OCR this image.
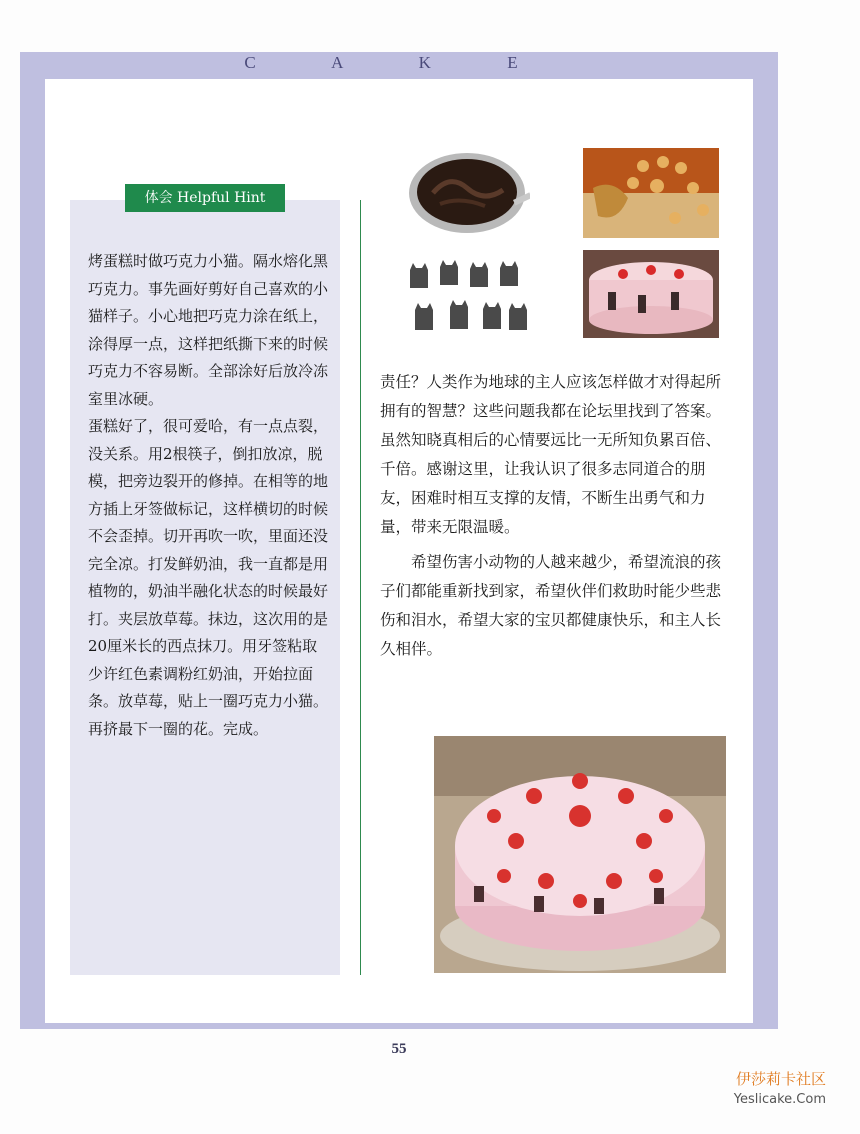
C A K E
体会 Helpful Hint
烤蛋糕时做巧克力小猫。隔水熔化黑巧克力。事先画好剪好自己喜欢的小猫样子。小心地把巧克力涂在纸上，涂得厚一点，这样把纸撕下来的时候巧克力不容易断。全部涂好后放冷冻室里冰硬。
蛋糕好了，很可爱哈，有一点点裂，没关系。用2根筷子，倒扣放凉，脱模，把旁边裂开的修掉。在相等的地方插上牙签做标记，这样横切的时候不会歪掉。切开再吹一吹，里面还没完全凉。打发鲜奶油，我一直都是用植物的，奶油半融化状态的时候最好打。夹层放草莓。抹边，这次用的是20厘米长的西点抹刀。用牙签粘取少许红色素调粉红奶油，开始拉面条。放草莓，贴上一圈巧克力小猫。再挤最下一圈的花。完成。

责任？人类作为地球的主人应该怎样做才对得起所拥有的智慧？这些问题我都在论坛里找到了答案。虽然知晓真相后的心情要远比一无所知负累百倍、千倍。感谢这里，让我认识了很多志同道合的朋友，困难时相互支撑的友情，不断生出勇气和力量，带来无限温暖。

希望伤害小动物的人越来越少，希望流浪的孩子们都能重新找到家，希望伙伴们救助时能少些悲伤和泪水，希望大家的宝贝都健康快乐，和主人长久相伴。

55
伊莎莉卡社区
Yeslicake.Com
